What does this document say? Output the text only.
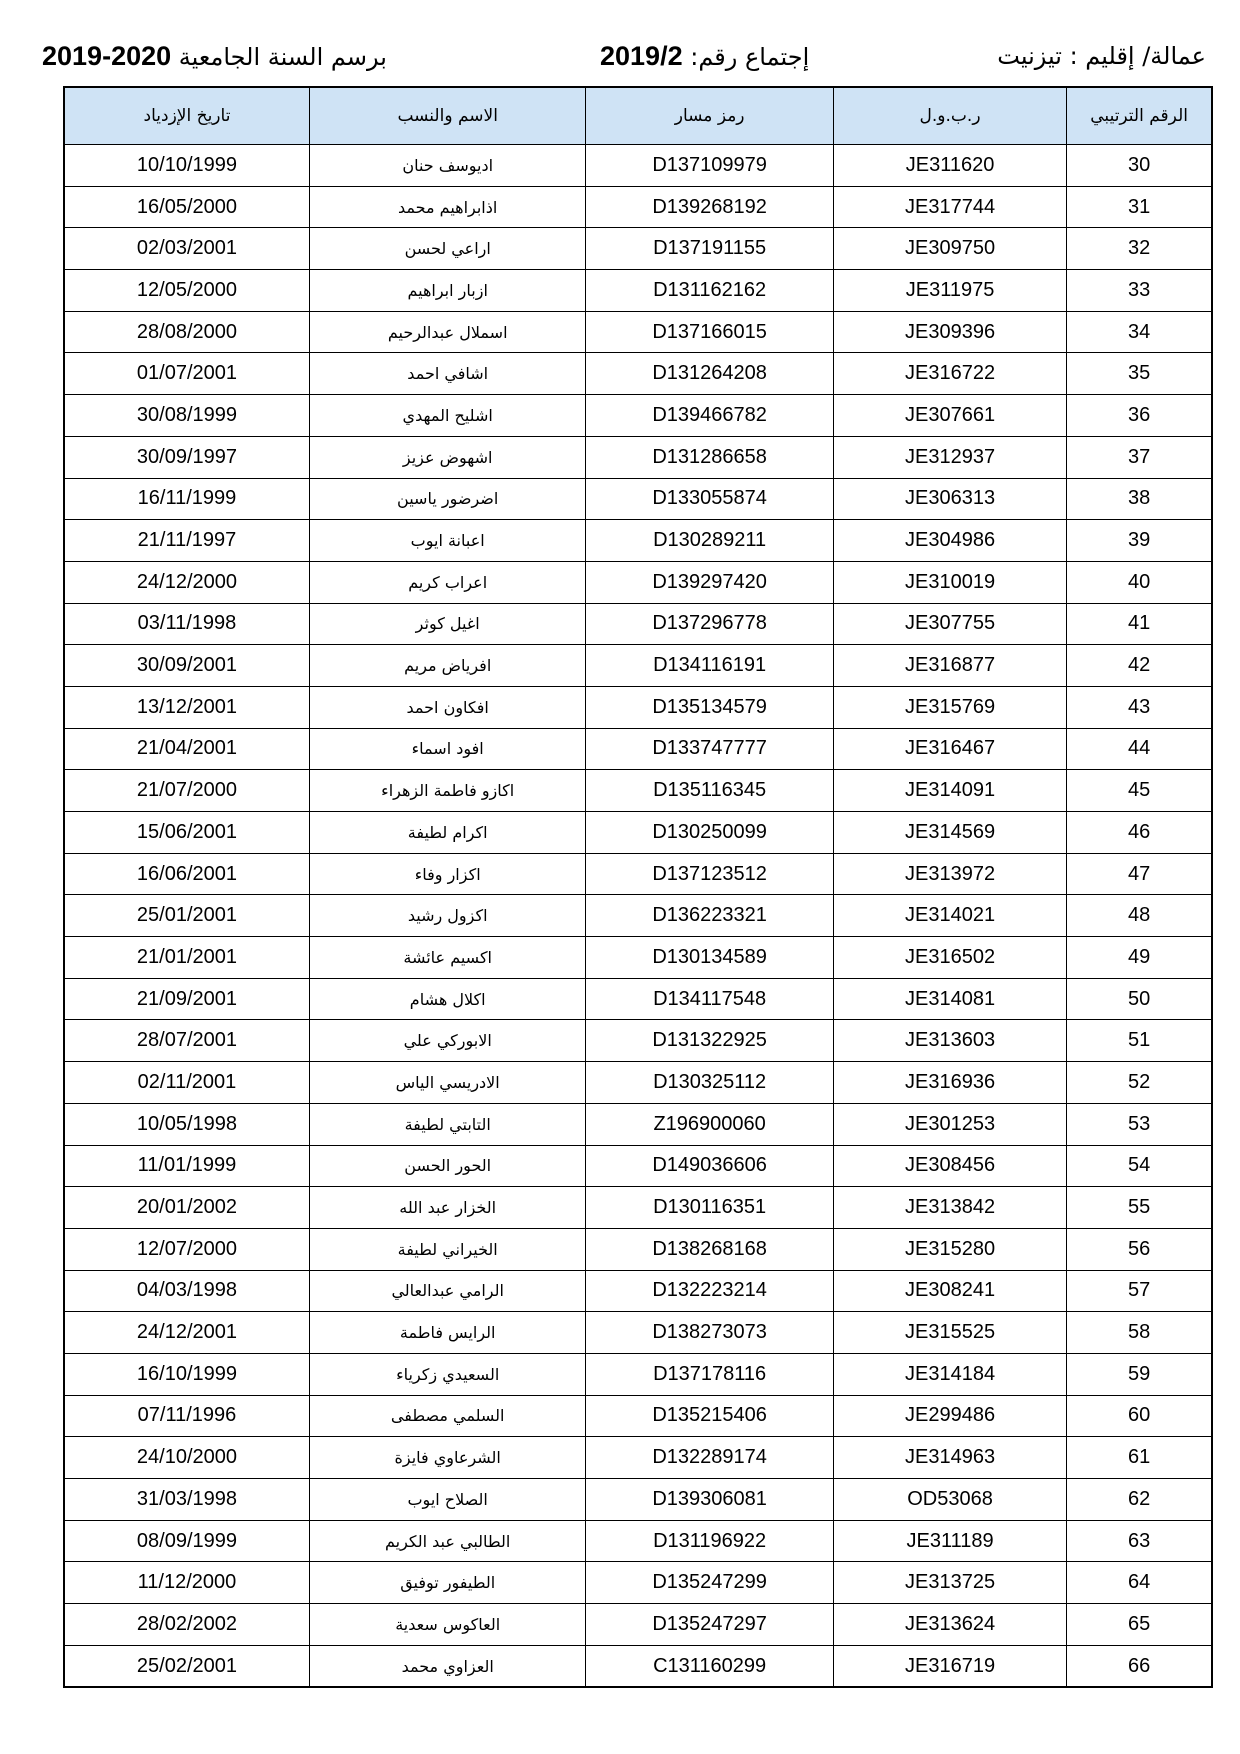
عمالة/ إقليم : تيزنيت
إجتماع رقم: 2019/2
برسم السنة الجامعية 2020-2019
الرقم الترتيبي	ر.ب.و.ل	رمز مسار	الاسم والنسب	تاريخ الإزدياد
30	JE311620	D137109979	اديوسف حنان	10/10/1999
31	JE317744	D139268192	اذابراهيم محمد	16/05/2000
32	JE309750	D137191155	اراعي لحسن	02/03/2001
33	JE311975	D131162162	ازبار ابراهيم	12/05/2000
34	JE309396	D137166015	اسملال عبدالرحيم	28/08/2000
35	JE316722	D131264208	اشافي احمد	01/07/2001
36	JE307661	D139466782	اشليح المهدي	30/08/1999
37	JE312937	D131286658	اشهوض عزيز	30/09/1997
38	JE306313	D133055874	اضرضور ياسين	16/11/1999
39	JE304986	D130289211	اعبانة ايوب	21/11/1997
40	JE310019	D139297420	اعراب كريم	24/12/2000
41	JE307755	D137296778	اغيل كوثر	03/11/1998
42	JE316877	D134116191	افرياض مريم	30/09/2001
43	JE315769	D135134579	افكاون احمد	13/12/2001
44	JE316467	D133747777	افود اسماء	21/04/2001
45	JE314091	D135116345	اكازو فاطمة الزهراء	21/07/2000
46	JE314569	D130250099	اكرام لطيفة	15/06/2001
47	JE313972	D137123512	اكزار وفاء	16/06/2001
48	JE314021	D136223321	اكزول رشيد	25/01/2001
49	JE316502	D130134589	اكسيم عائشة	21/01/2001
50	JE314081	D134117548	اكلال هشام	21/09/2001
51	JE313603	D131322925	الابوركي علي	28/07/2001
52	JE316936	D130325112	الادريسي الياس	02/11/2001
53	JE301253	Z196900060	التابتي لطيفة	10/05/1998
54	JE308456	D149036606	الحور الحسن	11/01/1999
55	JE313842	D130116351	الخزار عبد الله	20/01/2002
56	JE315280	D138268168	الخيراني لطيفة	12/07/2000
57	JE308241	D132223214	الرامي عبدالعالي	04/03/1998
58	JE315525	D138273073	الرايس فاطمة	24/12/2001
59	JE314184	D137178116	السعيدي زكرياء	16/10/1999
60	JE299486	D135215406	السلمي مصطفى	07/11/1996
61	JE314963	D132289174	الشرعاوي فايزة	24/10/2000
62	OD53068	D139306081	الصلاح ايوب	31/03/1998
63	JE311189	D131196922	الطالبي عبد الكريم	08/09/1999
64	JE313725	D135247299	الطيفور توفيق	11/12/2000
65	JE313624	D135247297	العاكوس سعدية	28/02/2002
66	JE316719	C131160299	العزاوي محمد	25/02/2001
